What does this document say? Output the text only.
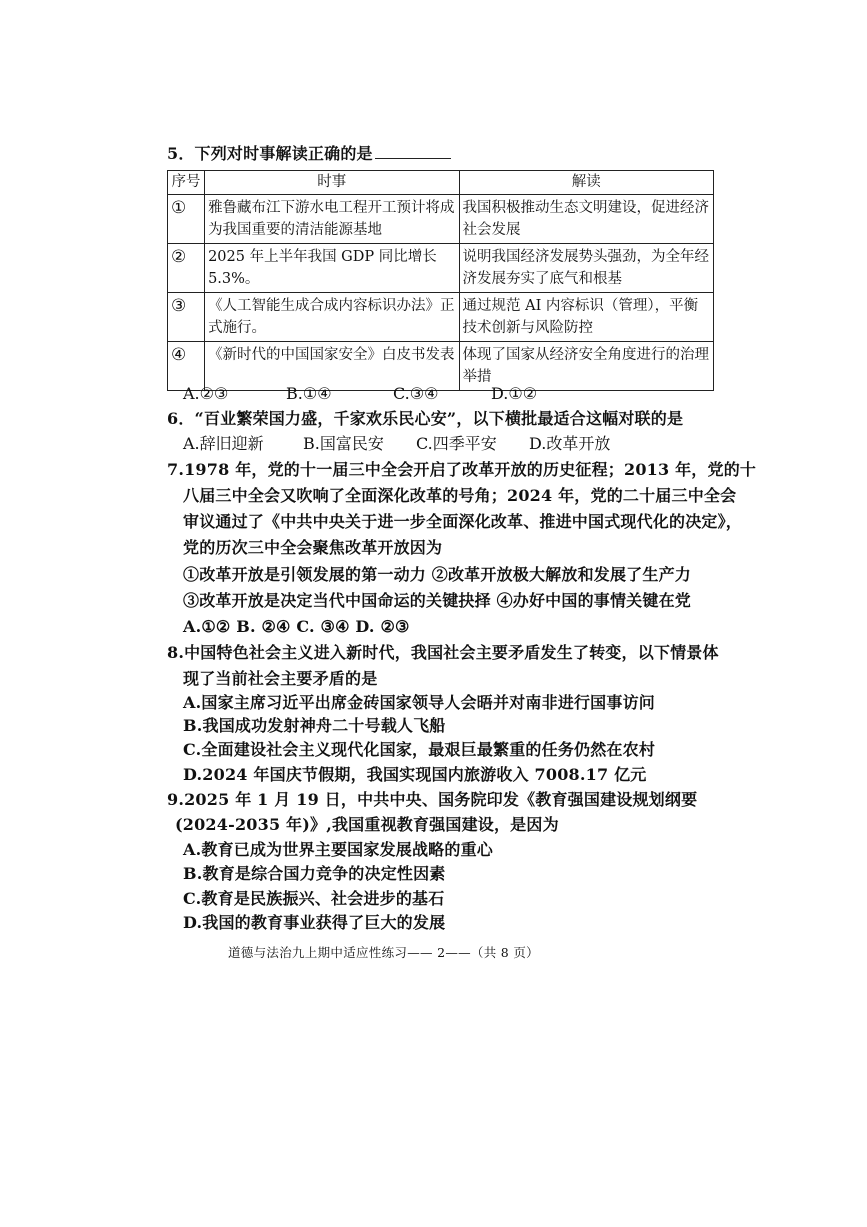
5．下列对时事解读正确的是
序号	时事	解读
①	雅鲁藏布江下游水电工程开工预计将成为我国重要的清洁能源基地	我国积极推动生态文明建设，促进经济社会发展
②	2025 年上半年我国 GDP 同比增长 5.3%。	说明我国经济发展势头强劲，为全年经济发展夯实了底气和根基
③	《人工智能生成合成内容标识办法》正式施行。	通过规范 AI 内容标识（管理），平衡技术创新与风险防控
④	《新时代的中国国家安全》白皮书发表	体现了国家从经济安全角度进行的治理举措
A.②③	B.①④	C.③④	D.①②
6．“百业繁荣国力盛，千家欢乐民心安”，以下横批最适合这幅对联的是
A.辞旧迎新 B.国富民安 C.四季平安 D.改革开放
7.1978 年，党的十一届三中全会开启了改革开放的历史征程；2013 年，党的十
八届三中全会又吹响了全面深化改革的号角；2024 年，党的二十届三中全会
审议通过了《中共中央关于进一步全面深化改革、推进中国式现代化的决定》，
党的历次三中全会聚焦改革开放因为
①改革开放是引领发展的第一动力 ②改革开放极大解放和发展了生产力
③改革开放是决定当代中国命运的关键抉择 ④办好中国的事情关键在党
A.①② B. ②④ C. ③④ D. ②③
8.中国特色社会主义进入新时代，我国社会主要矛盾发生了转变，以下情景体
现了当前社会主要矛盾的是
A.国家主席习近平出席金砖国家领导人会晤并对南非进行国事访问
B.我国成功发射神舟二十号载人飞船
C.全面建设社会主义现代化国家，最艰巨最繁重的任务仍然在农村
D.2024 年国庆节假期，我国实现国内旅游收入 7008.17 亿元
9.2025 年 1 月 19 日，中共中央、国务院印发《教育强国建设规划纲要
(2024-2035 年)》,我国重视教育强国建设，是因为
A.教育已成为世界主要国家发展战略的重心
B.教育是综合国力竞争的决定性因素
C.教育是民族振兴、社会进步的基石
D.我国的教育事业获得了巨大的发展
道德与法治九上期中适应性练习—— 2——（共 8 页）
